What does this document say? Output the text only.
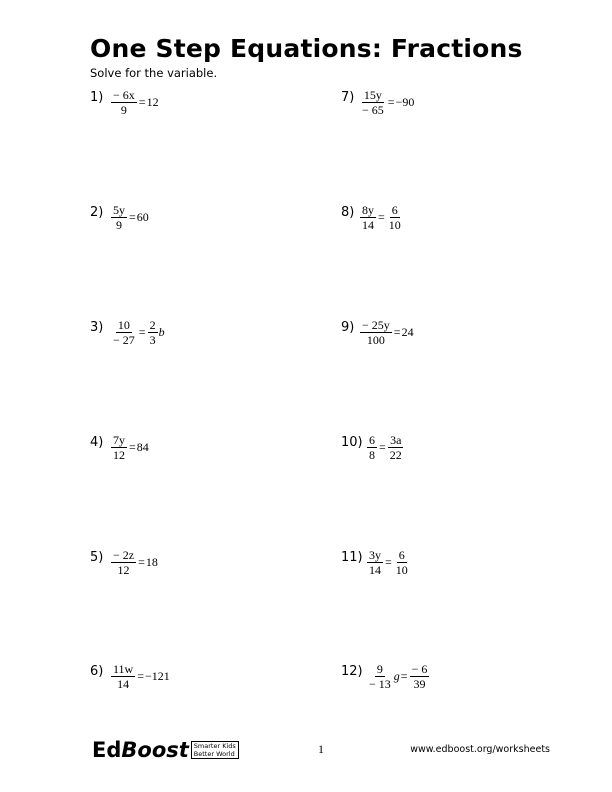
One Step Equations: Fractions
Solve for the variable.
$1) \frac{- 6x}{9} = 12$
$2) \frac{5y}{9} = 60$
$3) \frac{10}{- 27} = \frac{2}{3}$ b
$4) \frac{7y}{12} = 84$
$5) \frac{- 2z}{12} = 18$
$6) \frac{11w}{14} = -121$
$7) \frac{15y}{- 65} = -90$
$8) \frac{8y}{14} = \frac{6}{10}$
$9) \frac{- 25y}{100} = 24$
$10) \frac{6}{8} = \frac{3a}{22}$
$11) \frac{3y}{14} = \frac{6}{10}$
$12) \frac{9}{- 13}$ $g = \frac{- 6}{39}$
Ed Boost Smarter Kids
Better World	1	www.edboost.org/worksheets
